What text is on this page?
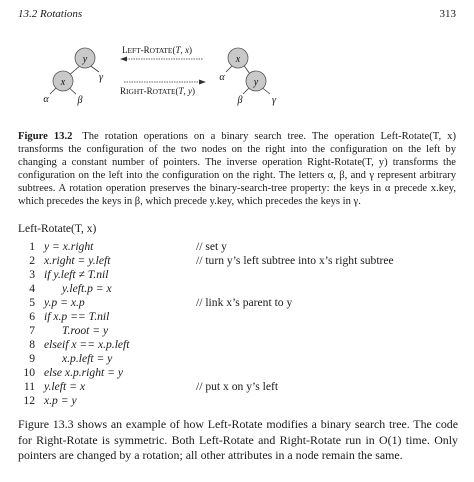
13.2 Rotations	313
y
x	γ
α	β
LEFT-ROTATE(T, x)
RIGHT-ROTATE(T, y)
x
y
α
β	γ
Figure 13.2 The rotation operations on a binary search tree. The operation Left-Rotate(T, x) transforms the configuration of the two nodes on the right into the configuration on the left by changing a constant number of pointers. The inverse operation Right-Rotate(T, y) transforms the configuration on the left into the configuration on the right. The letters α, β, and γ represent arbitrary subtrees. A rotation operation preserves the binary-search-tree property: the keys in α precede x.key, which precedes the keys in β, which precede y.key, which precedes the keys in γ.
Left-Rotate(T, x)
1 y = x.right	// set y
2 x.right = y.left	// turn y’s left subtree into x’s right subtree
3 if y.left ≠ T.nil
4 y.left.p = x
5 y.p = x.p	// link x’s parent to y
6 if x.p == T.nil
7 T.root = y
8 elseif x == x.p.left
9 x.p.left = y
10 else x.p.right = y
11 y.left = x	// put x on y’s left
12 x.p = y
Figure 13.3 shows an example of how Left-Rotate modifies a binary search tree. The code for Right-Rotate is symmetric. Both Left-Rotate and Right-Rotate run in O(1) time. Only pointers are changed by a rotation; all other attributes in a node remain the same.
